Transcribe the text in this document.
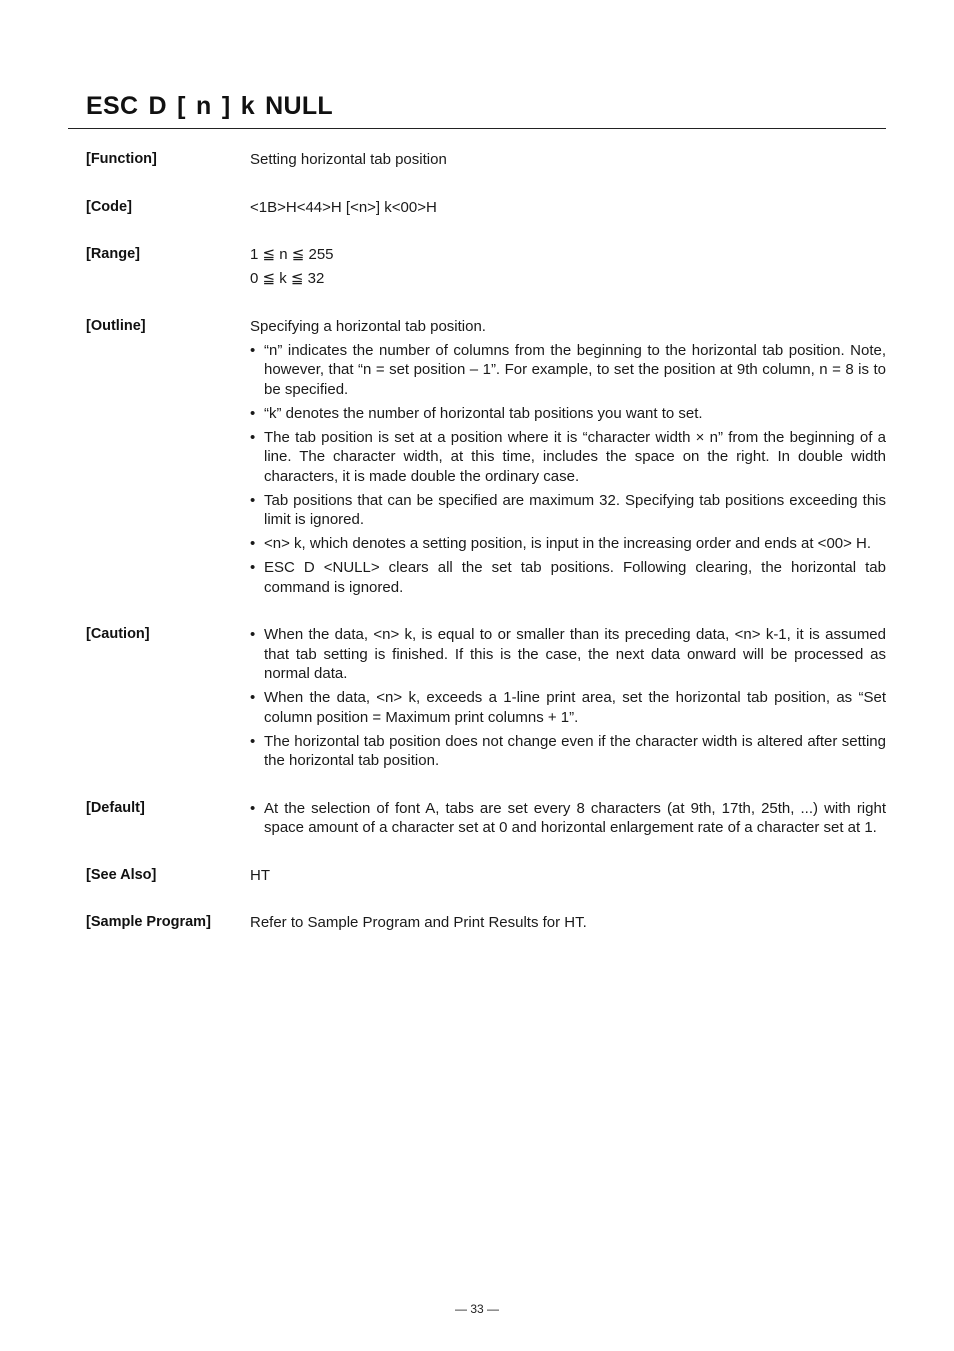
ESC D [ n ] k NULL
[Function]	Setting horizontal tab position

[Code]	<1B>H<44>H [<n>] k<00>H

[Range]	1 ≦ n ≦ 255
0 ≦ k ≦ 32
[Outline]	Specifying a horizontal tab position.

• “n” indicates the number of columns from the beginning to the horizontal tab position. Note, however, that “n = set position – 1”. For example, to set the position at 9th column, n = 8 is to be specified.
• “k” denotes the number of horizontal tab positions you want to set.
• The tab position is set at a position where it is “character width × n” from the beginning of a line. The character width, at this time, includes the space on the right. In double width characters, it is made double the ordinary case.
• Tab positions that can be specified are maximum 32. Specifying tab positions exceeding this limit is ignored.
• <n> k, which denotes a setting position, is input in the increasing order and ends at <00> H.
• ESC D <NULL> clears all the set tab positions. Following clearing, the horizontal tab command is ignored.
[Caution]	• When the data, <n> k, is equal to or smaller than its preceding data, <n> k-1, it is assumed that tab setting is finished. If this is the case, the next data onward will be processed as normal data.
• When the data, <n> k, exceeds a 1-line print area, set the horizontal tab position, as “Set column position = Maximum print columns + 1”.
• The horizontal tab position does not change even if the character width is altered after setting the horizontal tab position.
[Default]	• At the selection of font A, tabs are set every 8 characters (at 9th, 17th, 25th, ...) with right space amount of a character set at 0 and horizontal enlargement rate of a character set at 1.
[See Also]	HT

[Sample Program]	Refer to Sample Program and Print Results for HT.

— 33 —
